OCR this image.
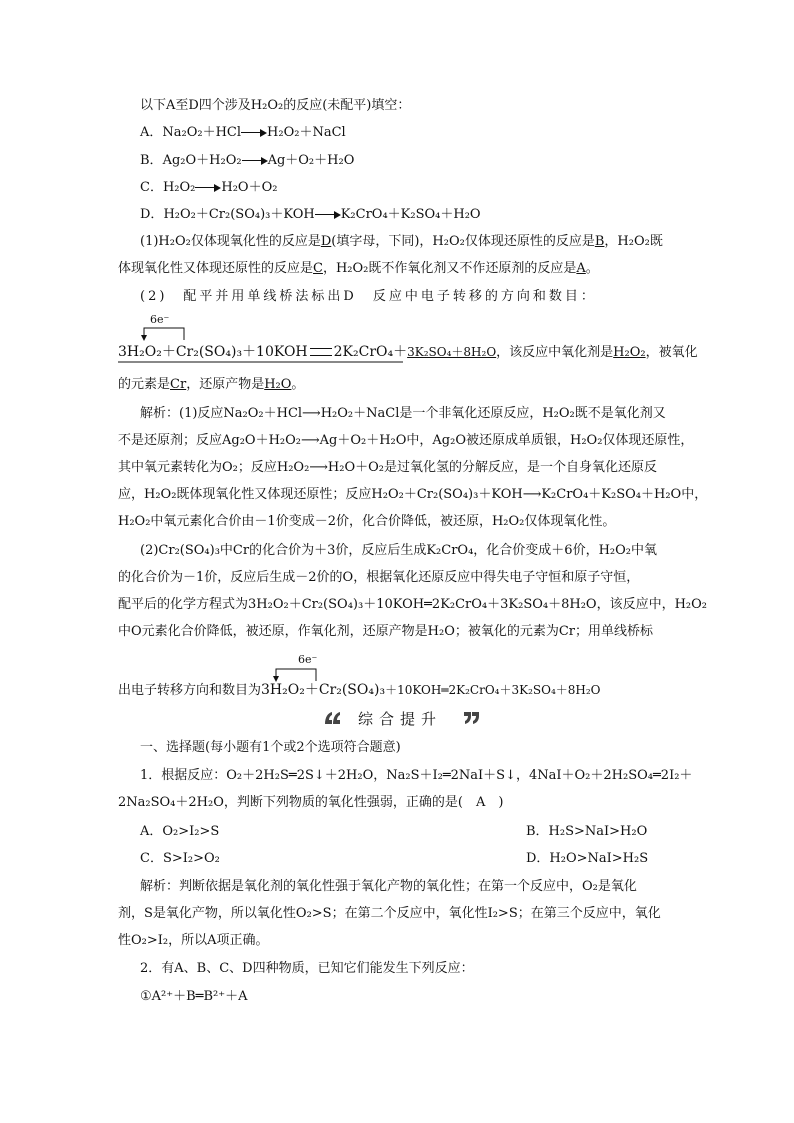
以下A至D四个涉及H₂O₂的反应(未配平)填空：
A．Na₂O₂＋HCl H₂O₂＋NaCl
B．Ag₂O＋H₂O₂ Ag＋O₂＋H₂O
C．H₂O₂ H₂O＋O₂
D．H₂O₂＋Cr₂(SO₄)₃＋KOH K₂CrO₄＋K₂SO₄＋H₂O
(1)H₂O₂仅体现氧化性的反应是D(填字母，下同)，H₂O₂仅体现还原性的反应是B，H₂O₂既
体现氧化性又体现还原性的反应是C，H₂O₂既不作氧化剂又不作还原剂的反应是A。
(2)　配平并用单线桥法标出D　反应中电子转移的方向和数目：
6e⁻
3H₂O₂＋Cr₂(SO₄)₃＋10KOH 2K₂CrO₄＋3K₂SO₄＋8H₂O，该反应中氧化剂是H₂O₂，被氧化
的元素是Cr，还原产物是H₂O。
解析：(1)反应Na₂O₂＋HCl⟶H₂O₂＋NaCl是一个非氧化还原反应，H₂O₂既不是氧化剂又
不是还原剂；反应Ag₂O＋H₂O₂⟶Ag＋O₂＋H₂O中，Ag₂O被还原成单质银，H₂O₂仅体现还原性，
其中氧元素转化为O₂；反应H₂O₂⟶H₂O＋O₂是过氧化氢的分解反应，是一个自身氧化还原反
应，H₂O₂既体现氧化性又体现还原性；反应H₂O₂＋Cr₂(SO₄)₃＋KOH⟶K₂CrO₄＋K₂SO₄＋H₂O中，
H₂O₂中氧元素化合价由－1价变成－2价，化合价降低，被还原，H₂O₂仅体现氧化性。
(2)Cr₂(SO₄)₃中Cr的化合价为＋3价，反应后生成K₂CrO₄，化合价变成＋6价，H₂O₂中氧
的化合价为－1价，反应后生成－2价的O，根据氧化还原反应中得失电子守恒和原子守恒，
配平后的化学方程式为3H₂O₂＋Cr₂(SO₄)₃＋10KOH═2K₂CrO₄＋3K₂SO₄＋8H₂O，该反应中，H₂O₂
中O元素化合价降低，被还原，作氧化剂，还原产物是H₂O；被氧化的元素为Cr；用单线桥标
6e⁻
出电子转移方向和数目为3H₂O₂＋Cr₂(SO₄)₃＋10KOH═2K₂CrO₄＋3K₂SO₄＋8H₂O
综合提升
一、选择题(每小题有1个或2个选项符合题意)
1．根据反应：O₂＋2H₂S═2S↓＋2H₂O，Na₂S＋I₂═2NaI＋S↓，4NaI＋O₂＋2H₂SO₄═2I₂＋
2Na₂SO₄＋2H₂O，判断下列物质的氧化性强弱，正确的是(　A　)
A．O₂>I₂>S	B．H₂S>NaI>H₂O
C．S>I₂>O₂	D．H₂O>NaI>H₂S
解析：判断依据是氧化剂的氧化性强于氧化产物的氧化性；在第一个反应中，O₂是氧化
剂，S是氧化产物，所以氧化性O₂>S；在第二个反应中，氧化性I₂>S；在第三个反应中，氧化
性O₂>I₂，所以A项正确。
2．有A、B、C、D四种物质，已知它们能发生下列反应：
①A²⁺＋B═B²⁺＋A
